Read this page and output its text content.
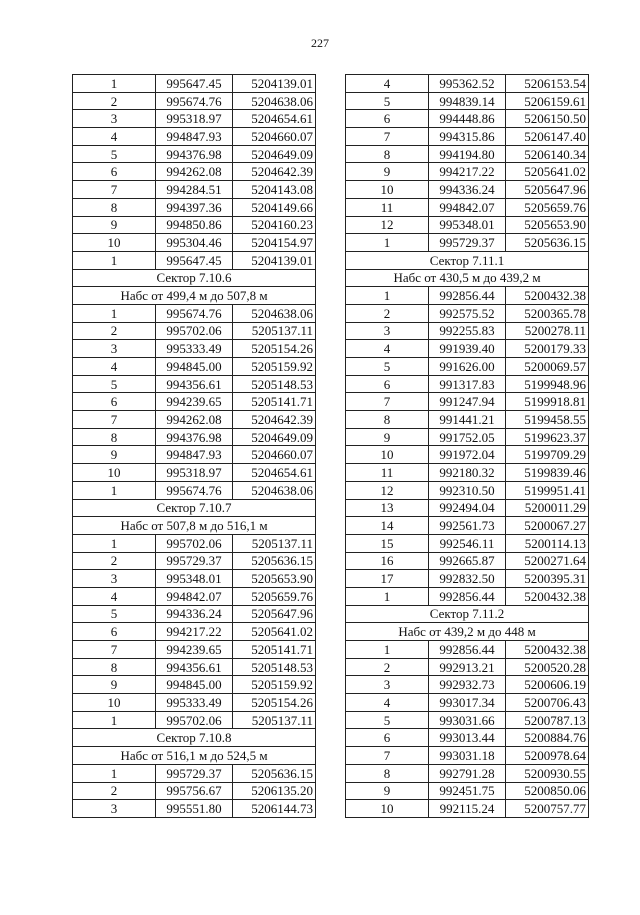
227
1	995647.45	5204139.01
2	995674.76	5204638.06
3	995318.97	5204654.61
4	994847.93	5204660.07
5	994376.98	5204649.09
6	994262.08	5204642.39
7	994284.51	5204143.08
8	994397.36	5204149.66
9	994850.86	5204160.23
10	995304.46	5204154.97
1	995647.45	5204139.01
Сектор 7.10.6		
Нaбс от 499,4 м до 507,8 м		
1	995674.76	5204638.06
2	995702.06	5205137.11
3	995333.49	5205154.26
4	994845.00	5205159.92
5	994356.61	5205148.53
6	994239.65	5205141.71
7	994262.08	5204642.39
8	994376.98	5204649.09
9	994847.93	5204660.07
10	995318.97	5204654.61
1	995674.76	5204638.06
Сектор 7.10.7		
Нaбс от 507,8 м до 516,1 м		
1	995702.06	5205137.11
2	995729.37	5205636.15
3	995348.01	5205653.90
4	994842.07	5205659.76
5	994336.24	5205647.96
6	994217.22	5205641.02
7	994239.65	5205141.71
8	994356.61	5205148.53
9	994845.00	5205159.92
10	995333.49	5205154.26
1	995702.06	5205137.11
Сектор 7.10.8		
Нaбс от 516,1 м до 524,5 м		
1	995729.37	5205636.15
2	995756.67	5206135.20
3	995551.80	5206144.73
4	995362.52	5206153.54
5	994839.14	5206159.61
6	994448.86	5206150.50
7	994315.86	5206147.40
8	994194.80	5206140.34
9	994217.22	5205641.02
10	994336.24	5205647.96
11	994842.07	5205659.76
12	995348.01	5205653.90
1	995729.37	5205636.15
Сектор 7.11.1		
Нaбс от 430,5 м до 439,2 м		
1	992856.44	5200432.38
2	992575.52	5200365.78
3	992255.83	5200278.11
4	991939.40	5200179.33
5	991626.00	5200069.57
6	991317.83	5199948.96
7	991247.94	5199918.81
8	991441.21	5199458.55
9	991752.05	5199623.37
10	991972.04	5199709.29
11	992180.32	5199839.46
12	992310.50	5199951.41
13	992494.04	5200011.29
14	992561.73	5200067.27
15	992546.11	5200114.13
16	992665.87	5200271.64
17	992832.50	5200395.31
1	992856.44	5200432.38
Сектор 7.11.2		
Нaбс от 439,2 м до 448 м		
1	992856.44	5200432.38
2	992913.21	5200520.28
3	992932.73	5200606.19
4	993017.34	5200706.43
5	993031.66	5200787.13
6	993013.44	5200884.76
7	993031.18	5200978.64
8	992791.28	5200930.55
9	992451.75	5200850.06
10	992115.24	5200757.77
